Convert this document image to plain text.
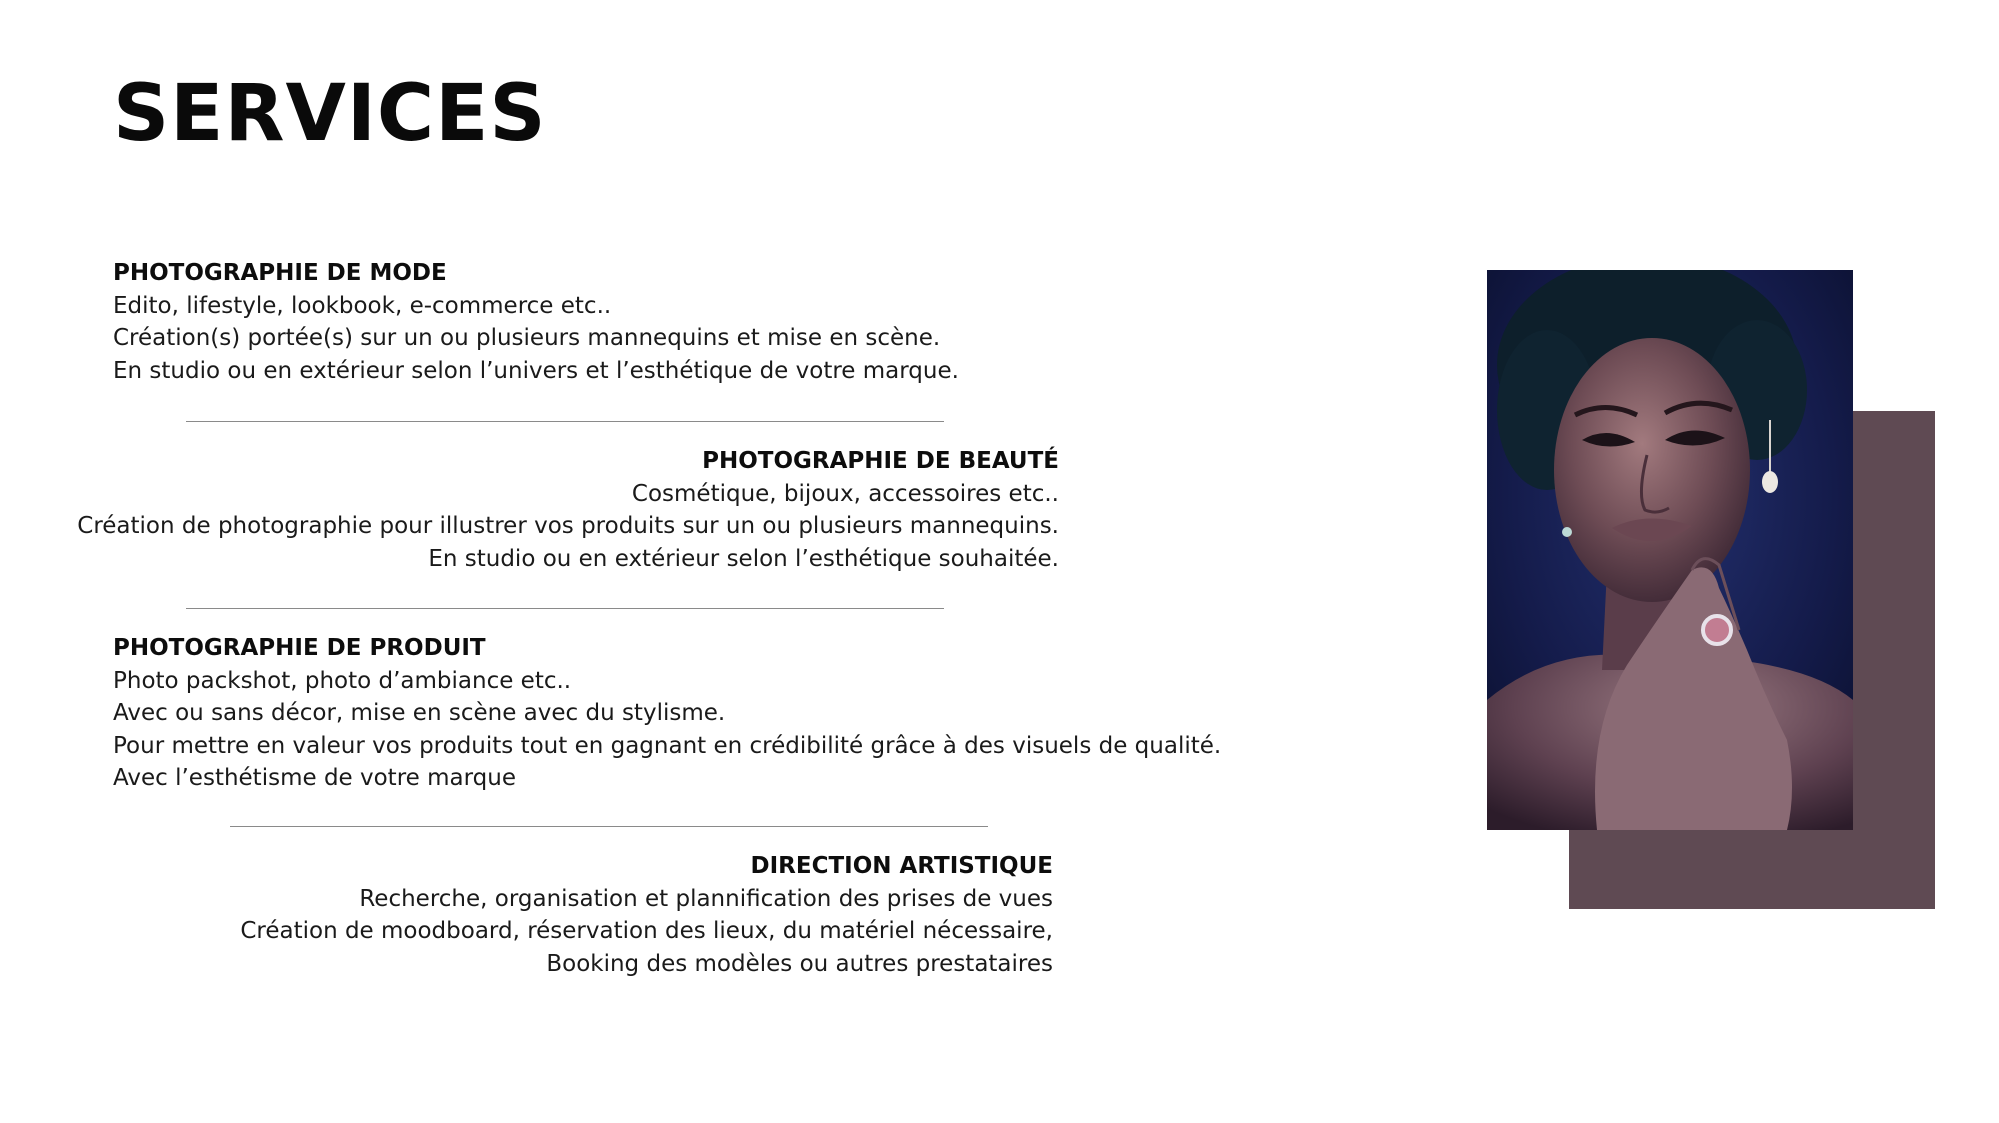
SERVICES
PHOTOGRAPHIE DE MODE
Edito, lifestyle, lookbook, e-commerce etc..
Création(s) portée(s) sur un ou plusieurs mannequins et mise en scène.
En studio ou en extérieur selon l’univers et l’esthétique de votre marque.
PHOTOGRAPHIE DE BEAUTÉ
Cosmétique, bijoux, accessoires etc..
Création de photographie pour illustrer vos produits sur un ou plusieurs mannequins.
En studio ou en extérieur selon l’esthétique souhaitée.
PHOTOGRAPHIE DE PRODUIT
Photo packshot, photo d’ambiance etc..
Avec ou sans décor, mise en scène avec du stylisme.
Pour mettre en valeur vos produits tout en gagnant en crédibilité grâce à des visuels de qualité.
Avec l’esthétisme de votre marque
DIRECTION ARTISTIQUE
Recherche, organisation et plannification des prises de vues
Création de moodboard, réservation des lieux, du matériel nécessaire,
Booking des modèles ou autres prestataires
